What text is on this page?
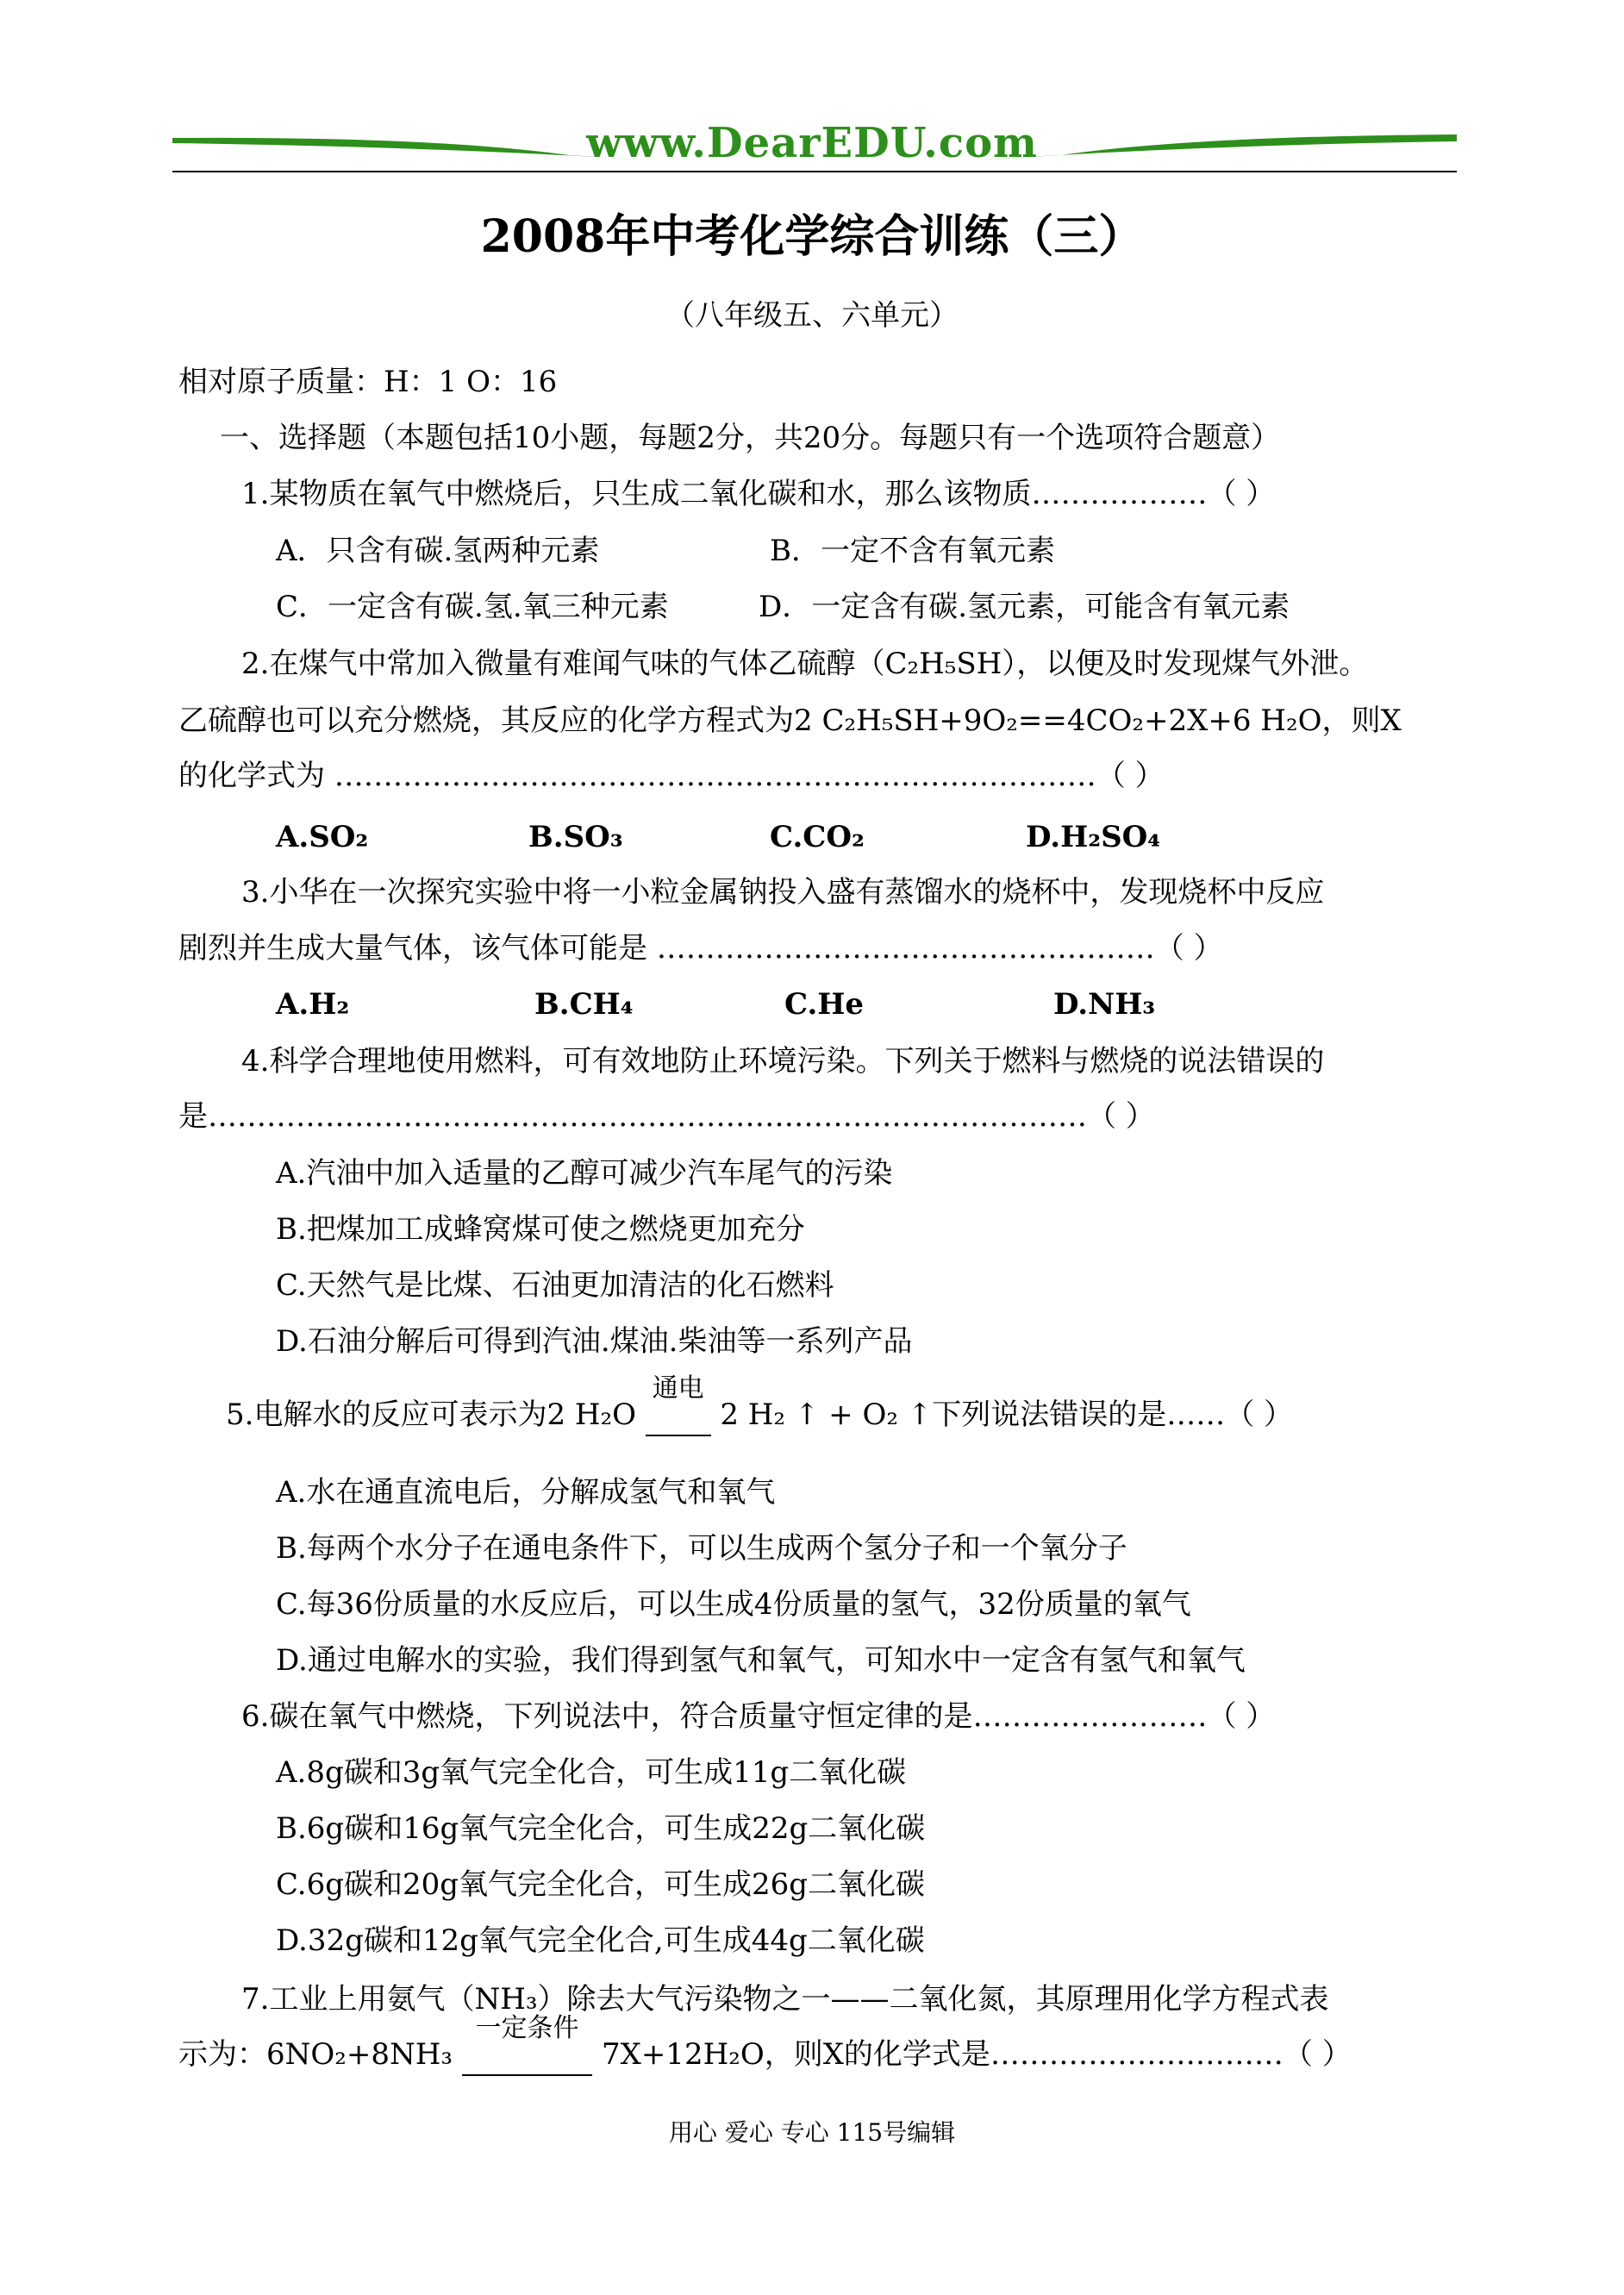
www.DearEDU.com
2008年中考化学综合训练（三）
（八年级五、六单元）
相对原子质量：H：1 O：16
一、选择题（本题包括10小题，每题2分，共20分。每题只有一个选项符合题意）
1.某物质在氧气中燃烧后，只生成二氧化碳和水，那么该物质………………（ ）
A．只含有碳.氢两种元素	B．一定不含有氧元素
C．一定含有碳.氢.氧三种元素	D．一定含有碳.氢元素，可能含有氧元素
2.在煤气中常加入微量有难闻气味的气体乙硫醇（C₂H₅SH），以便及时发现煤气外泄。
乙硫醇也可以充分燃烧，其反应的化学方程式为2 C₂H₅SH+9O₂==4CO₂+2X+6 H₂O，则X
的化学式为 ……………………………………………………………………（ ）
A.SO₂	B.SO₃	C.CO₂	D.H₂SO₄
3.小华在一次探究实验中将一小粒金属钠投入盛有蒸馏水的烧杯中，发现烧杯中反应
剧烈并生成大量气体，该气体可能是 ……………………………………………（ ）
A.H₂	B.CH₄	C.He	D.NH₃
4.科学合理地使用燃料，可有效地防止环境污染。下列关于燃料与燃烧的说法错误的
是………………………………………………………………………………（ ）
A.汽油中加入适量的乙醇可减少汽车尾气的污染
B.把煤加工成蜂窝煤可使之燃烧更加充分
C.天然气是比煤、石油更加清洁的化石燃料
D.石油分解后可得到汽油.煤油.柴油等一系列产品
5.电解水的反应可表示为2 H₂O
通电
2 H₂ ↑ + O₂ ↑下列说法错误的是……（ ）
A.水在通直流电后，分解成氢气和氧气
B.每两个水分子在通电条件下，可以生成两个氢分子和一个氧分子
C.每36份质量的水反应后，可以生成4份质量的氢气，32份质量的氧气
D.通过电解水的实验，我们得到氢气和氧气，可知水中一定含有氢气和氧气
6.碳在氧气中燃烧，下列说法中，符合质量守恒定律的是……………………（ ）
A.8g碳和3g氧气完全化合，可生成11g二氧化碳
B.6g碳和16g氧气完全化合，可生成22g二氧化碳
C.6g碳和20g氧气完全化合，可生成26g二氧化碳
D.32g碳和12g氧气完全化合,可生成44g二氧化碳
7.工业上用氨气（NH₃）除去大气污染物之一——二氧化氮，其原理用化学方程式表
示为：6NO₂+8NH₃
一定条件
7X+12H₂O，则X的化学式是…………………………（ ）
用心 爱心 专心 115号编辑
